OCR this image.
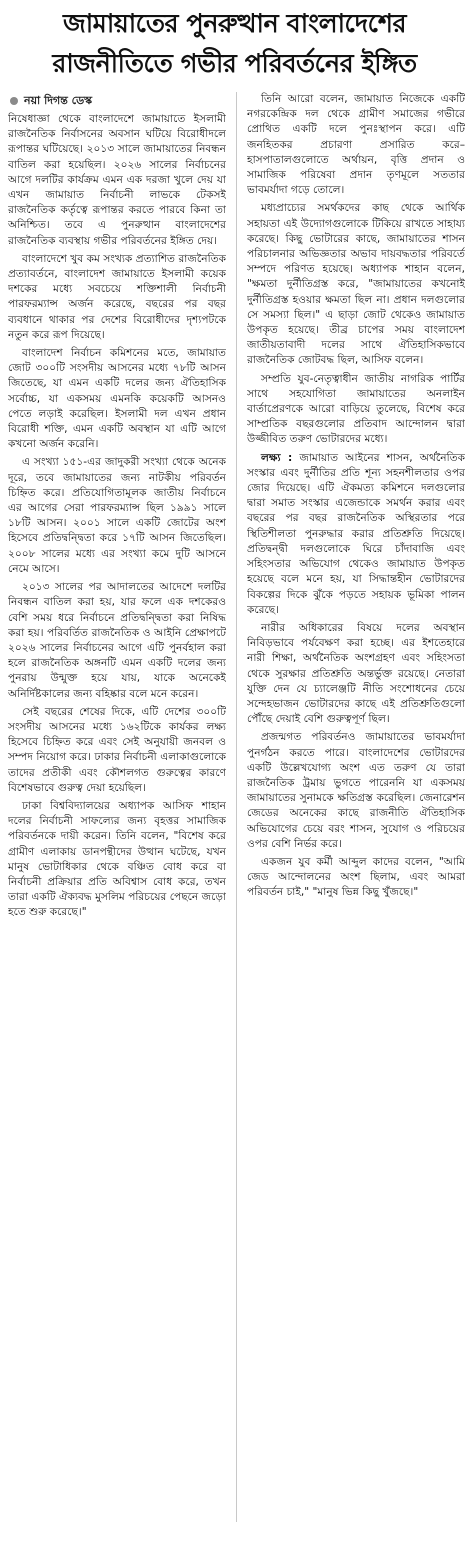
জামায়াতের পুনরুত্থান বাংলাদেশের
রাজনীতিতে গভীর পরিবর্তনের ইঙ্গিত
নয়া দিগন্ত ডেস্ক

নিষেধাজ্ঞা থেকে বাংলাদেশে জামায়াতে ইসলামী রাজনৈতিক নির্বাসনের অবসান ঘটিয়ে বিরোধীদলে রূপান্তর ঘটিয়েছে। ২০১৩ সালে জামায়াতের নিবন্ধন বাতিল করা হয়েছিল। ২০২৬ সালের নির্বাচনের আগে দলটির কার্যক্রম এমন এক দরজা খুলে দেয় যা এখন জামায়াত নির্বাচনী লাভকে টেকসই রাজনৈতিক কর্তৃত্বে রূপান্তর করতে পারবে কিনা তা অনিশ্চিত। তবে এ পুনরুত্থান বাংলাদেশের রাজনৈতিক ব্যবস্থায় গভীর পরিবর্তনের ইঙ্গিত দেয়।

বাংলাদেশে খুব কম সংখ্যক প্রত্যাশিত রাজনৈতিক প্রত্যাবর্তনে, বাংলাদেশ জামায়াতে ইসলামী কয়েক দশকের মধ্যে সবচেয়ে শক্তিশালী নির্বাচনী পারফরম্যান্স অর্জন করেছে, বছরের পর বছর ব্যবধানে থাকার পর দেশের বিরোধীদের দৃশ্যপটকে নতুন করে রূপ দিয়েছে।

বাংলাদেশ নির্বাচন কমিশনের মতে, জামায়াত জোট ৩০০টি সংসদীয় আসনের মধ্যে ৭৮টি আসন জিতেছে, যা এমন একটি দলের জন্য ঐতিহাসিক সর্বোচ্চ, যা একসময় এমনকি কয়েকটি আসনও পেতে লড়াই করেছিল। ইসলামী দল এখন প্রধান বিরোধী শক্তি, এমন একটি অবস্থান যা এটি আগে কখনো অর্জন করেনি।

এ সংখ্যা ১৫১-এর জাদুকরী সংখ্যা থেকে অনেক দূরে, তবে জামায়াতের জন্য নাটকীয় পরিবর্তন চিহ্নিত করে। প্রতিযোগিতামূলক জাতীয় নির্বাচনে এর আগের সেরা পারফরম্যান্স ছিল ১৯৯১ সালে ১৮টি আসন। ২০০১ সালে একটি জোটের অংশ হিসেবে প্রতিদ্বন্দ্বিতা করে ১৭টি আসন জিতেছিল। ২০০৮ সালের মধ্যে এর সংখ্যা কমে দুটি আসনে নেমে আসে।

২০১৩ সালের পর আদালতের আদেশে দলটির নিবন্ধন বাতিল করা হয়, যার ফলে এক দশকেরও বেশি সময় ধরে নির্বাচনে প্রতিদ্বন্দ্বিতা করা নিষিদ্ধ করা হয়। পরিবর্তিত রাজনৈতিক ও আইনি প্রেক্ষাপটে ২০২৬ সালের নির্বাচনের আগে এটি পুনর্বহাল করা হলে রাজনৈতিক অঙ্গনটি এমন একটি দলের জন্য পুনরায় উন্মুক্ত হয়ে যায়, যাকে অনেকেই অনির্দিষ্টকালের জন্য বহিষ্কার বলে মনে করেন।

সেই বছরের শেষের দিকে, এটি দেশের ৩০০টি সংসদীয় আসনের মধ্যে ১৬২টিকে কার্যকর লক্ষ্য হিসেবে চিহ্নিত করে এবং সেই অনুযায়ী জনবল ও সম্পদ নিয়োগ করে। ঢাকার নির্বাচনী এলাকাগুলোকে তাদের প্রতীকী এবং কৌশলগত গুরুত্বের কারণে বিশেষভাবে গুরুত্ব দেয়া হয়েছিল।

ঢাকা বিশ্ববিদ্যালয়ের অধ্যাপক আসিফ শাহান দলের নির্বাচনী সাফল্যের জন্য বৃহত্তর সামাজিক পরিবর্তনকে দায়ী করেন। তিনি বলেন, "বিশেষ করে গ্রামীণ এলাকায় ডানপন্থীদের উত্থান ঘটেছে, যখন মানুষ ভোটাধিকার থেকে বঞ্চিত বোধ করে বা নির্বাচনী প্রক্রিয়ার প্রতি অবিশ্বাস বোধ করে, তখন তারা একটি ঐক্যবদ্ধ মুসলিম পরিচয়ের পেছনে জড়ো হতে শুরু করেছে।"

তিনি আরো বলেন, জামায়াত নিজেকে একটি নগরকেন্দ্রিক দল থেকে গ্রামীণ সমাজের গভীরে প্রোথিত একটি দলে পুনঃস্থাপন করে। এটি জনহিতকর প্রচারণা প্রসারিত করে– হাসপাতালগুলোতে অর্থায়ন, বৃত্তি প্রদান ও সামাজিক পরিষেবা প্রদান তৃণমূলে সততার ভাবমর্যাদা গড়ে তোলে।

মধ্যপ্রাচ্যের সমর্থকদের কাছ থেকে আর্থিক সহায়তা এই উদ্যোগগুলোকে টিকিয়ে রাখতে সাহায্য করেছে। কিছু ভোটারের কাছে, জামায়াতের শাসন পরিচালনার অভিজ্ঞতার অভাব দায়বদ্ধতার পরিবর্তে সম্পদে পরিণত হয়েছে। অধ্যাপক শাহান বলেন, "ক্ষমতা দুর্নীতিগ্রস্ত করে, "জামায়াতের কখনোই দুর্নীতিগ্রস্ত হওয়ার ক্ষমতা ছিল না। প্রধান দলগুলোর সে সমস্যা ছিল।" এ ছাড়া জোট থেকেও জামায়াত উপকৃত হয়েছে। তীব্র চাপের সময় বাংলাদেশ জাতীয়তাবাদী দলের সাথে ঐতিহাসিকভাবে রাজনৈতিক জোটবদ্ধ ছিল, আসিফ বলেন।

সম্প্রতি যুব-নেতৃত্বাধীন জাতীয় নাগরিক পার্টির সাথে সহযোগিতা জামায়াতের অনলাইন বার্তাপ্রেরণকে আরো বাড়িয়ে তুলেছে, বিশেষ করে সাম্প্রতিক বছরগুলোর প্রতিবাদ আন্দোলন দ্বারা উজ্জীবিত তরুণ ভোটারদের মধ্যে।

লক্ষ্য : জামায়াত আইনের শাসন, অর্থনৈতিক সংস্কার এবং দুর্নীতির প্রতি শূন্য সহনশীলতার ওপর জোর দিয়েছে। এটি ঐকমত্য কমিশনে দলগুলোর দ্বারা সমাত সংস্কার এজেন্ডাকে সমর্থন করার এবং বছরের পর বছর রাজনৈতিক অস্থিরতার পরে স্থিতিশীলতা পুনরুদ্ধার করার প্রতিশ্রুতি দিয়েছে। প্রতিদ্বন্দ্বী দলগুলোকে ঘিরে চাঁদাবাজি এবং সহিংসতার অভিযোগ থেকেও জামায়াত উপকৃত হয়েছে বলে মনে হয়, যা সিদ্ধান্তহীন ভোটারদের বিকল্পের দিকে ঝুঁকে পড়তে সহায়ক ভূমিকা পালন করেছে।

নারীর অধিকারের বিষয়ে দলের অবস্থান নিবিড়ভাবে পর্যবেক্ষণ করা হচ্ছে। এর ইশতেহারে নারী শিক্ষা, অর্থনৈতিক অংশগ্রহণ এবং সহিংসতা থেকে সুরক্ষার প্রতিশ্রুতি অন্তর্ভুক্ত রয়েছে। নেতারা যুক্তি দেন যে চ্যালেঞ্জটি নীতি সংশোধনের চেয়ে সন্দেহভাজন ভোটারদের কাছে এই প্রতিশ্রুতিগুলো পৌঁছে দেয়াই বেশি গুরুত্বপূর্ণ ছিল।

প্রজন্মগত পরিবর্তনও জামায়াতের ভাবমর্যাদা পুনর্গঠন করতে পারে। বাংলাদেশের ভোটারদের একটি উল্লেখযোগ্য অংশ এত তরুণ যে তারা রাজনৈতিক ট্রমায় ভুগতে পারেননি যা একসময় জামায়াতের সুনামকে ক্ষতিগ্রস্ত করেছিল। জেনারেশন জেডের অনেকের কাছে রাজনীতি ঐতিহাসিক অভিযোগের চেয়ে বরং শাসন, সুযোগ ও পরিচয়ের ওপর বেশি নির্ভর করে।

একজন যুব কর্মী আব্দুল কাদের বলেন, "আমি জেড আন্দোলনের অংশ ছিলাম, এবং আমরা পরিবর্তন চাই," "মানুষ ভিন্ন কিছু খুঁজছে।"
